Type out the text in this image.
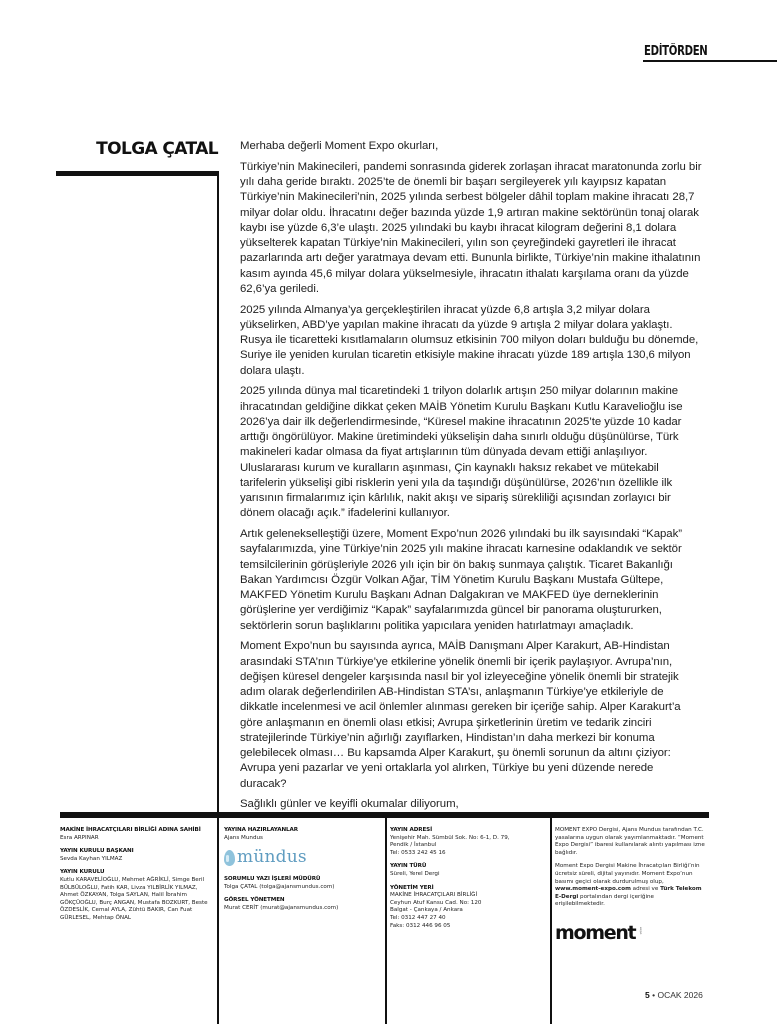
EDİTÖRDEN
TOLGA ÇATAL Merhaba değerli Moment Expo okurları,

Türkiye’nin Makinecileri, pandemi sonrasında giderek zorlaşan ihracat maratonunda zorlu bir yılı daha geride bıraktı. 2025’te de önemli bir başarı sergileyerek yılı kayıpsız kapatan Türkiye’nin Makinecileri’nin, 2025 yılında serbest bölgeler dâhil toplam makine ihracatı 28,7 milyar dolar oldu. İhracatını değer bazında yüzde 1,9 artıran makine sektörünün tonaj olarak kaybı ise yüzde 6,3’e ulaştı. 2025 yılındaki bu kaybı ihracat kilogram değerini 8,1 dolara yükselterek kapatan Türkiye’nin Makinecileri, yılın son çeyreğindeki gayretleri ile ihracat pazarlarında artı değer yaratmaya devam etti. Bununla birlikte, Türkiye’nin makine ithalatının kasım ayında 45,6 milyar dolara yükselmesiyle, ihracatın ithalatı karşılama oranı da yüzde 62,6’ya geriledi.

2025 yılında Almanya’ya gerçekleştirilen ihracat yüzde 6,8 artışla 3,2 milyar dolara yükselirken, ABD’ye yapılan makine ihracatı da yüzde 9 artışla 2 milyar dolara yaklaştı. Rusya ile ticaretteki kısıtlamaların olumsuz etkisinin 700 milyon doları bulduğu bu dönemde, Suriye ile yeniden kurulan ticaretin etkisiyle makine ihracatı yüzde 189 artışla 130,6 milyon dolara ulaştı.

2025 yılında dünya mal ticaretindeki 1 trilyon dolarlık artışın 250 milyar dolarının makine ihracatından geldiğine dikkat çeken MAİB Yönetim Kurulu Başkanı Kutlu Karavelioğlu ise 2026’ya dair ilk değerlendirmesinde, “Küresel makine ihracatının 2025’te yüzde 10 kadar arttığı öngörülüyor. Makine üretimindeki yükselişin daha sınırlı olduğu düşünülürse, Türk makineleri kadar olmasa da fiyat artışlarının tüm dünyada devam ettiği anlaşılıyor. Uluslararası kurum ve kuralların aşınması, Çin kaynaklı haksız rekabet ve mütekabil tarifelerin yükselişi gibi risklerin yeni yıla da taşındığı düşünülürse, 2026’nın özellikle ilk yarısının firmalarımız için kârlılık, nakit akışı ve sipariş sürekliliği açısından zorlayıcı bir dönem olacağı açık.” ifadelerini kullanıyor.

Artık gelenekselleştiği üzere, Moment Expo’nun 2026 yılındaki bu ilk sayısındaki “Kapak” sayfalarımızda, yine Türkiye’nin 2025 yılı makine ihracatı karnesine odaklandık ve sektör temsilcilerinin görüşleriyle 2026 yılı için bir ön bakış sunmaya çalıştık. Ticaret Bakanlığı Bakan Yardımcısı Özgür Volkan Ağar, TİM Yönetim Kurulu Başkanı Mustafa Gültepe, MAKFED Yönetim Kurulu Başkanı Adnan Dalgakıran ve MAKFED üye derneklerinin görüşlerine yer verdiğimiz “Kapak” sayfalarımızda güncel bir panorama oluştururken, sektörlerin sorun başlıklarını politika yapıcılara yeniden hatırlatmayı amaçladık.

Moment Expo’nun bu sayısında ayrıca, MAİB Danışmanı Alper Karakurt, AB-Hindistan arasındaki STA’nın Türkiye’ye etkilerine yönelik önemli bir içerik paylaşıyor. Avrupa’nın, değişen küresel dengeler karşısında nasıl bir yol izleyeceğine yönelik önemli bir stratejik adım olarak değerlendirilen AB-Hindistan STA’sı, anlaşmanın Türkiye’ye etkileriyle de dikkatle incelenmesi ve acil önlemler alınması gereken bir içeriğe sahip. Alper Karakurt’a göre anlaşmanın en önemli olası etkisi; Avrupa şirketlerinin üretim ve tedarik zinciri stratejilerinde Türkiye’nin ağırlığı zayıflarken, Hindistan’ın daha merkezi bir konuma gelebilecek olması… Bu kapsamda Alper Karakurt, şu önemli sorunun da altını çiziyor: Avrupa yeni pazarlar ve yeni ortaklarla yol alırken, Türkiye bu yeni düzende nerede duracak?

Sağlıklı günler ve keyifli okumalar diliyorum,

MAKİNE İHRACATÇILARI BİRLİĞİ ADINA SAHİBİ
Esra ARPINAR
YAYIN KURULU BAŞKANI
Sevda Kayhan YILMAZ
YAYIN KURULU
Kutlu KARAVELİOĞLU, Mehmet AĞRİKLİ, Simge Beril BÜLBÜLOĞLU, Fatih KAR, Livza YILBİRLİK YILMAZ, Ahmet ÖZKAYAN, Tolga SAYLAN, Halil İbrahim GÖKÇÜOĞLU, Burç ANGAN, Mustafa BOZKURT, Beste ÖZDESLİK, Cemal AYLA, Zühtü BAKIR, Can Fuat GÜRLESEL, Mehtap ÖNAL
YAYINA HAZIRLAYANLAR
Ajans Mundus
mündus
SORUMLU YAZI İŞLERİ MÜDÜRÜ
Tolga ÇATAL (tolga@ajansmundus.com)
GÖRSEL YÖNETMEN
Murat CERİT (murat@ajansmundus.com)
YAYIN ADRESİ
Yenişehir Mah. Sümbül Sok. No: 6-1, D. 79,
Pendik / İstanbul
Tel: 0533 242 45 16
YAYIN TÜRÜ
Süreli, Yerel Dergi
YÖNETİM YERİ
MAKİNE İHRACATÇILARI BİRLİĞİ
Ceyhun Atuf Kansu Cad. No: 120
Balgat - Çankaya / Ankara
Tel: 0312 447 27 40
Faks: 0312 446 96 05
MOMENT EXPO Dergisi, Ajans Mundus tarafından T.C. yasalarına uygun olarak yayımlanmaktadır. “Moment Expo Dergisi” ibaresi kullanılarak alıntı yapılması izne bağlıdır.
Moment Expo Dergisi Makine İhracatçıları Birliği’nin ücretsiz süreli, dijital yayınıdır. Moment Expo’nun basımı geçici olarak durdurulmuş olup, www.moment-expo.com adresi ve Türk Telekom E-Dergi portalından dergi içeriğine erişilebilmektedir.
moment	expo
5 • OCAK 2026
